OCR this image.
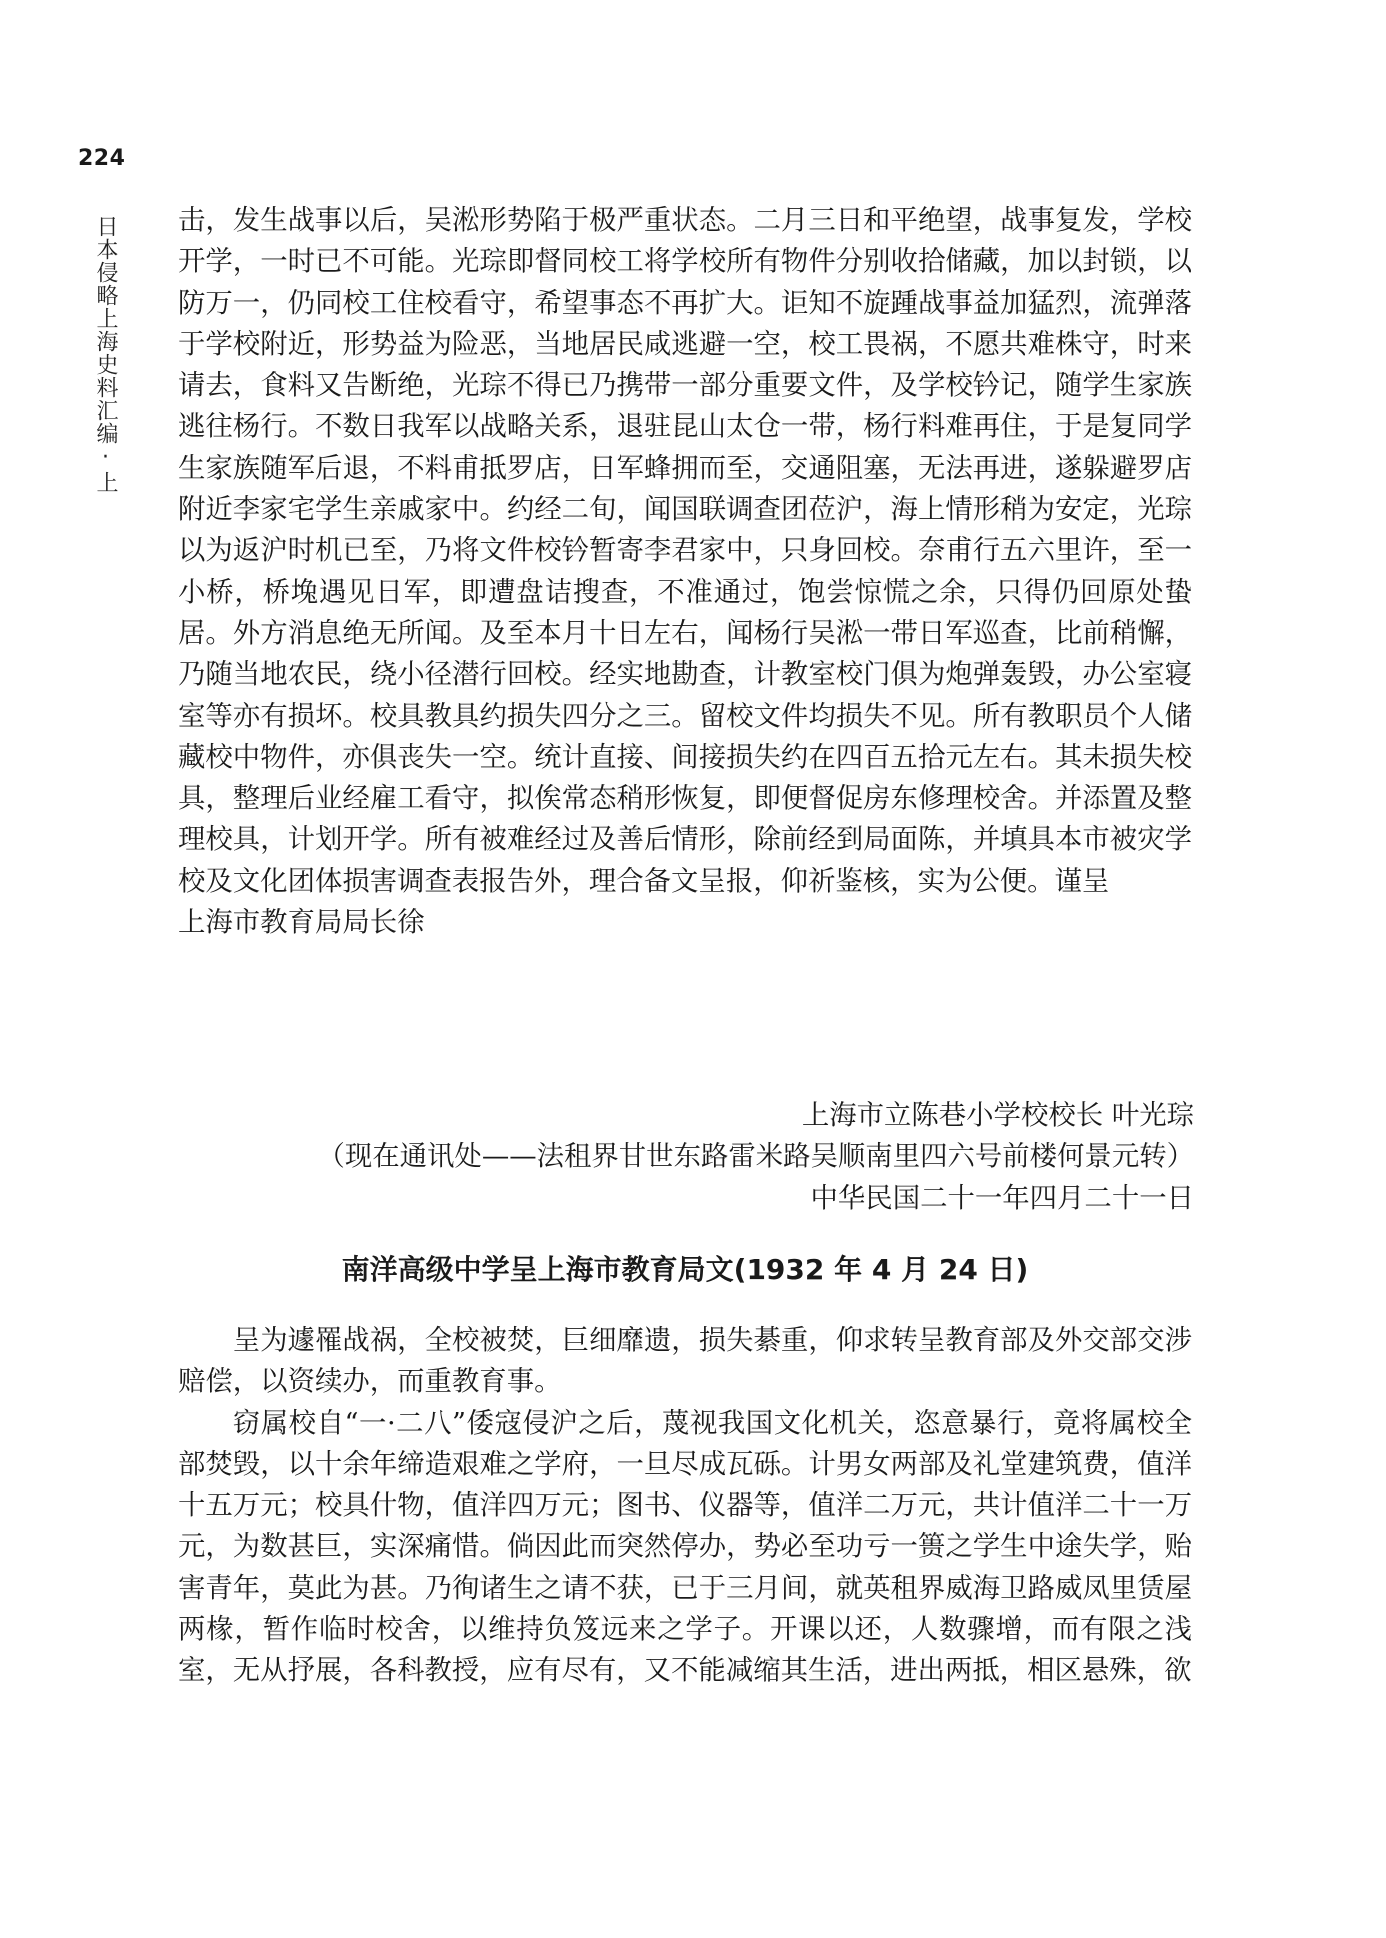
224
日本侵略上海史料汇编·上 击，发生战事以后，吴淞形势陷于极严重状态。二月三日和平绝望，战事复发，学校开学，一时已不可能。光琮即督同校工将学校所有物件分别收拾储藏，加以封锁，以防万一，仍同校工住校看守，希望事态不再扩大。讵知不旋踵战事益加猛烈，流弹落于学校附近，形势益为险恶，当地居民咸逃避一空，校工畏祸，不愿共难株守，时来请去，食料又告断绝，光琮不得已乃携带一部分重要文件，及学校钤记，随学生家族逃往杨行。不数日我军以战略关系，退驻昆山太仓一带，杨行料难再住，于是复同学生家族随军后退，不料甫抵罗店，日军蜂拥而至，交通阻塞，无法再进，遂躲避罗店附近李家宅学生亲戚家中。约经二旬，闻国联调查团莅沪，海上情形稍为安定，光琮以为返沪时机已至，乃将文件校钤暂寄李君家中，只身回校。奈甫行五六里许，至一小桥，桥堍遇见日军，即遭盘诘搜查，不准通过，饱尝惊慌之余，只得仍回原处蛰居。外方消息绝无所闻。及至本月十日左右，闻杨行吴淞一带日军巡查，比前稍懈，乃随当地农民，绕小径潜行回校。经实地勘查，计教室校门俱为炮弹轰毁，办公室寝室等亦有损坏。校具教具约损失四分之三。留校文件均损失不见。所有教职员个人储藏校中物件，亦俱丧失一空。统计直接、间接损失约在四百五拾元左右。其未损失校具，整理后业经雇工看守，拟俟常态稍形恢复，即便督促房东修理校舍。并添置及整理校具，计划开学。所有被难经过及善后情形，除前经到局面陈，并填具本市被灾学校及文化团体损害调查表报告外，理合备文呈报，仰祈鉴核，实为公便。谨呈

上海市教育局局长徐

上海市立陈巷小学校校长 叶光琮
（现在通讯处——法租界甘世东路雷米路吴顺南里四六号前楼何景元转）
中华民国二十一年四月二十一日
南洋高级中学呈上海市教育局文(1932 年 4 月 24 日)

呈为遽罹战祸，全校被焚，巨细靡遗，损失綦重，仰求转呈教育部及外交部交涉赔偿，以资续办，而重教育事。

窃属校自“一·二八”倭寇侵沪之后，蔑视我国文化机关，恣意暴行，竟将属校全部焚毁，以十余年缔造艰难之学府，一旦尽成瓦砾。计男女两部及礼堂建筑费，值洋十五万元；校具什物，值洋四万元；图书、仪器等，值洋二万元，共计值洋二十一万元，为数甚巨，实深痛惜。倘因此而突然停办，势必至功亏一篑之学生中途失学，贻害青年，莫此为甚。乃徇诸生之请不获，已于三月间，就英租界威海卫路威凤里赁屋两椽，暂作临时校舍，以维持负笈远来之学子。开课以还，人数骤增，而有限之浅室，无从抒展，各科教授，应有尽有，又不能减缩其生活，进出两抵，相区悬殊，欲
